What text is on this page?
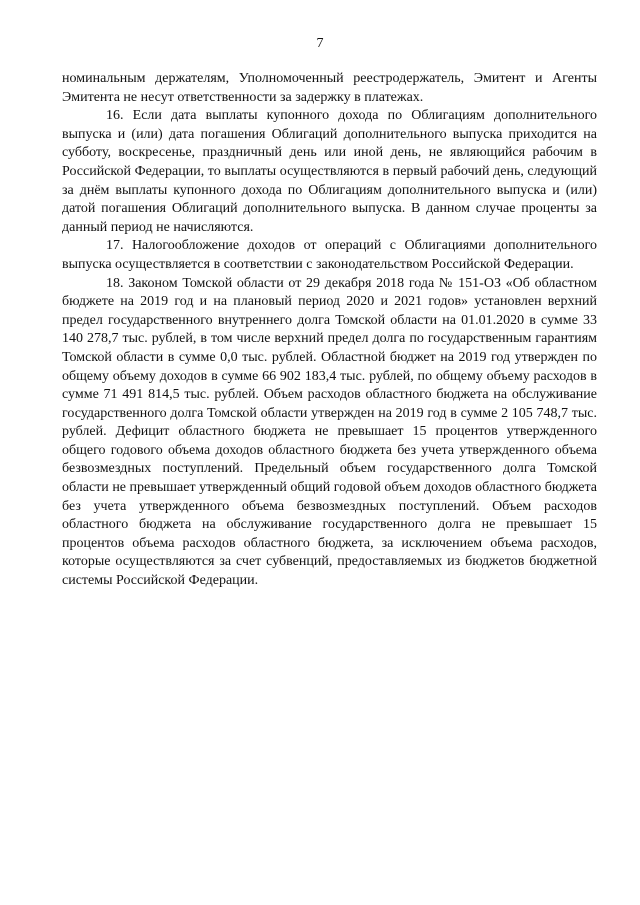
7

номинальным держателям, Уполномоченный реестродержатель, Эмитент и Агенты Эмитента не несут ответственности за задержку в платежах.

16. Если дата выплаты купонного дохода по Облигациям дополнительного выпуска и (или) дата погашения Облигаций дополнительного выпуска приходится на субботу, воскресенье, праздничный день или иной день, не являющийся рабочим в Российской Федерации, то выплаты осуществляются в первый рабочий день, следующий за днём выплаты купонного дохода по Облигациям дополнительного выпуска и (или) датой погашения Облигаций дополнительного выпуска. В данном случае проценты за данный период не начисляются.

17. Налогообложение доходов от операций с Облигациями дополнительного выпуска осуществляется в соответствии с законодательством Российской Федерации.

18. Законом Томской области от 29 декабря 2018 года № 151-ОЗ «Об областном бюджете на 2019 год и на плановый период 2020 и 2021 годов» установлен верхний предел государственного внутреннего долга Томской области на 01.01.2020 в сумме 33 140 278,7 тыс. рублей, в том числе верхний предел долга по государственным гарантиям Томской области в сумме 0,0 тыс. рублей. Областной бюджет на 2019 год утвержден по общему объему доходов в сумме 66 902 183,4 тыс. рублей, по общему объему расходов в сумме 71 491 814,5 тыс. рублей. Объем расходов областного бюджета на обслуживание государственного долга Томской области утвержден на 2019 год в сумме 2 105 748,7 тыс. рублей. Дефицит областного бюджета не превышает 15 процентов утвержденного общего годового объема доходов областного бюджета без учета утвержденного объема безвозмездных поступлений. Предельный объем государственного долга Томской области не превышает утвержденный общий годовой объем доходов областного бюджета без учета утвержденного объема безвозмездных поступлений. Объем расходов областного бюджета на обслуживание государственного долга не превышает 15 процентов объема расходов областного бюджета, за исключением объема расходов, которые осуществляются за счет субвенций, предоставляемых из бюджетов бюджетной системы Российской Федерации.
